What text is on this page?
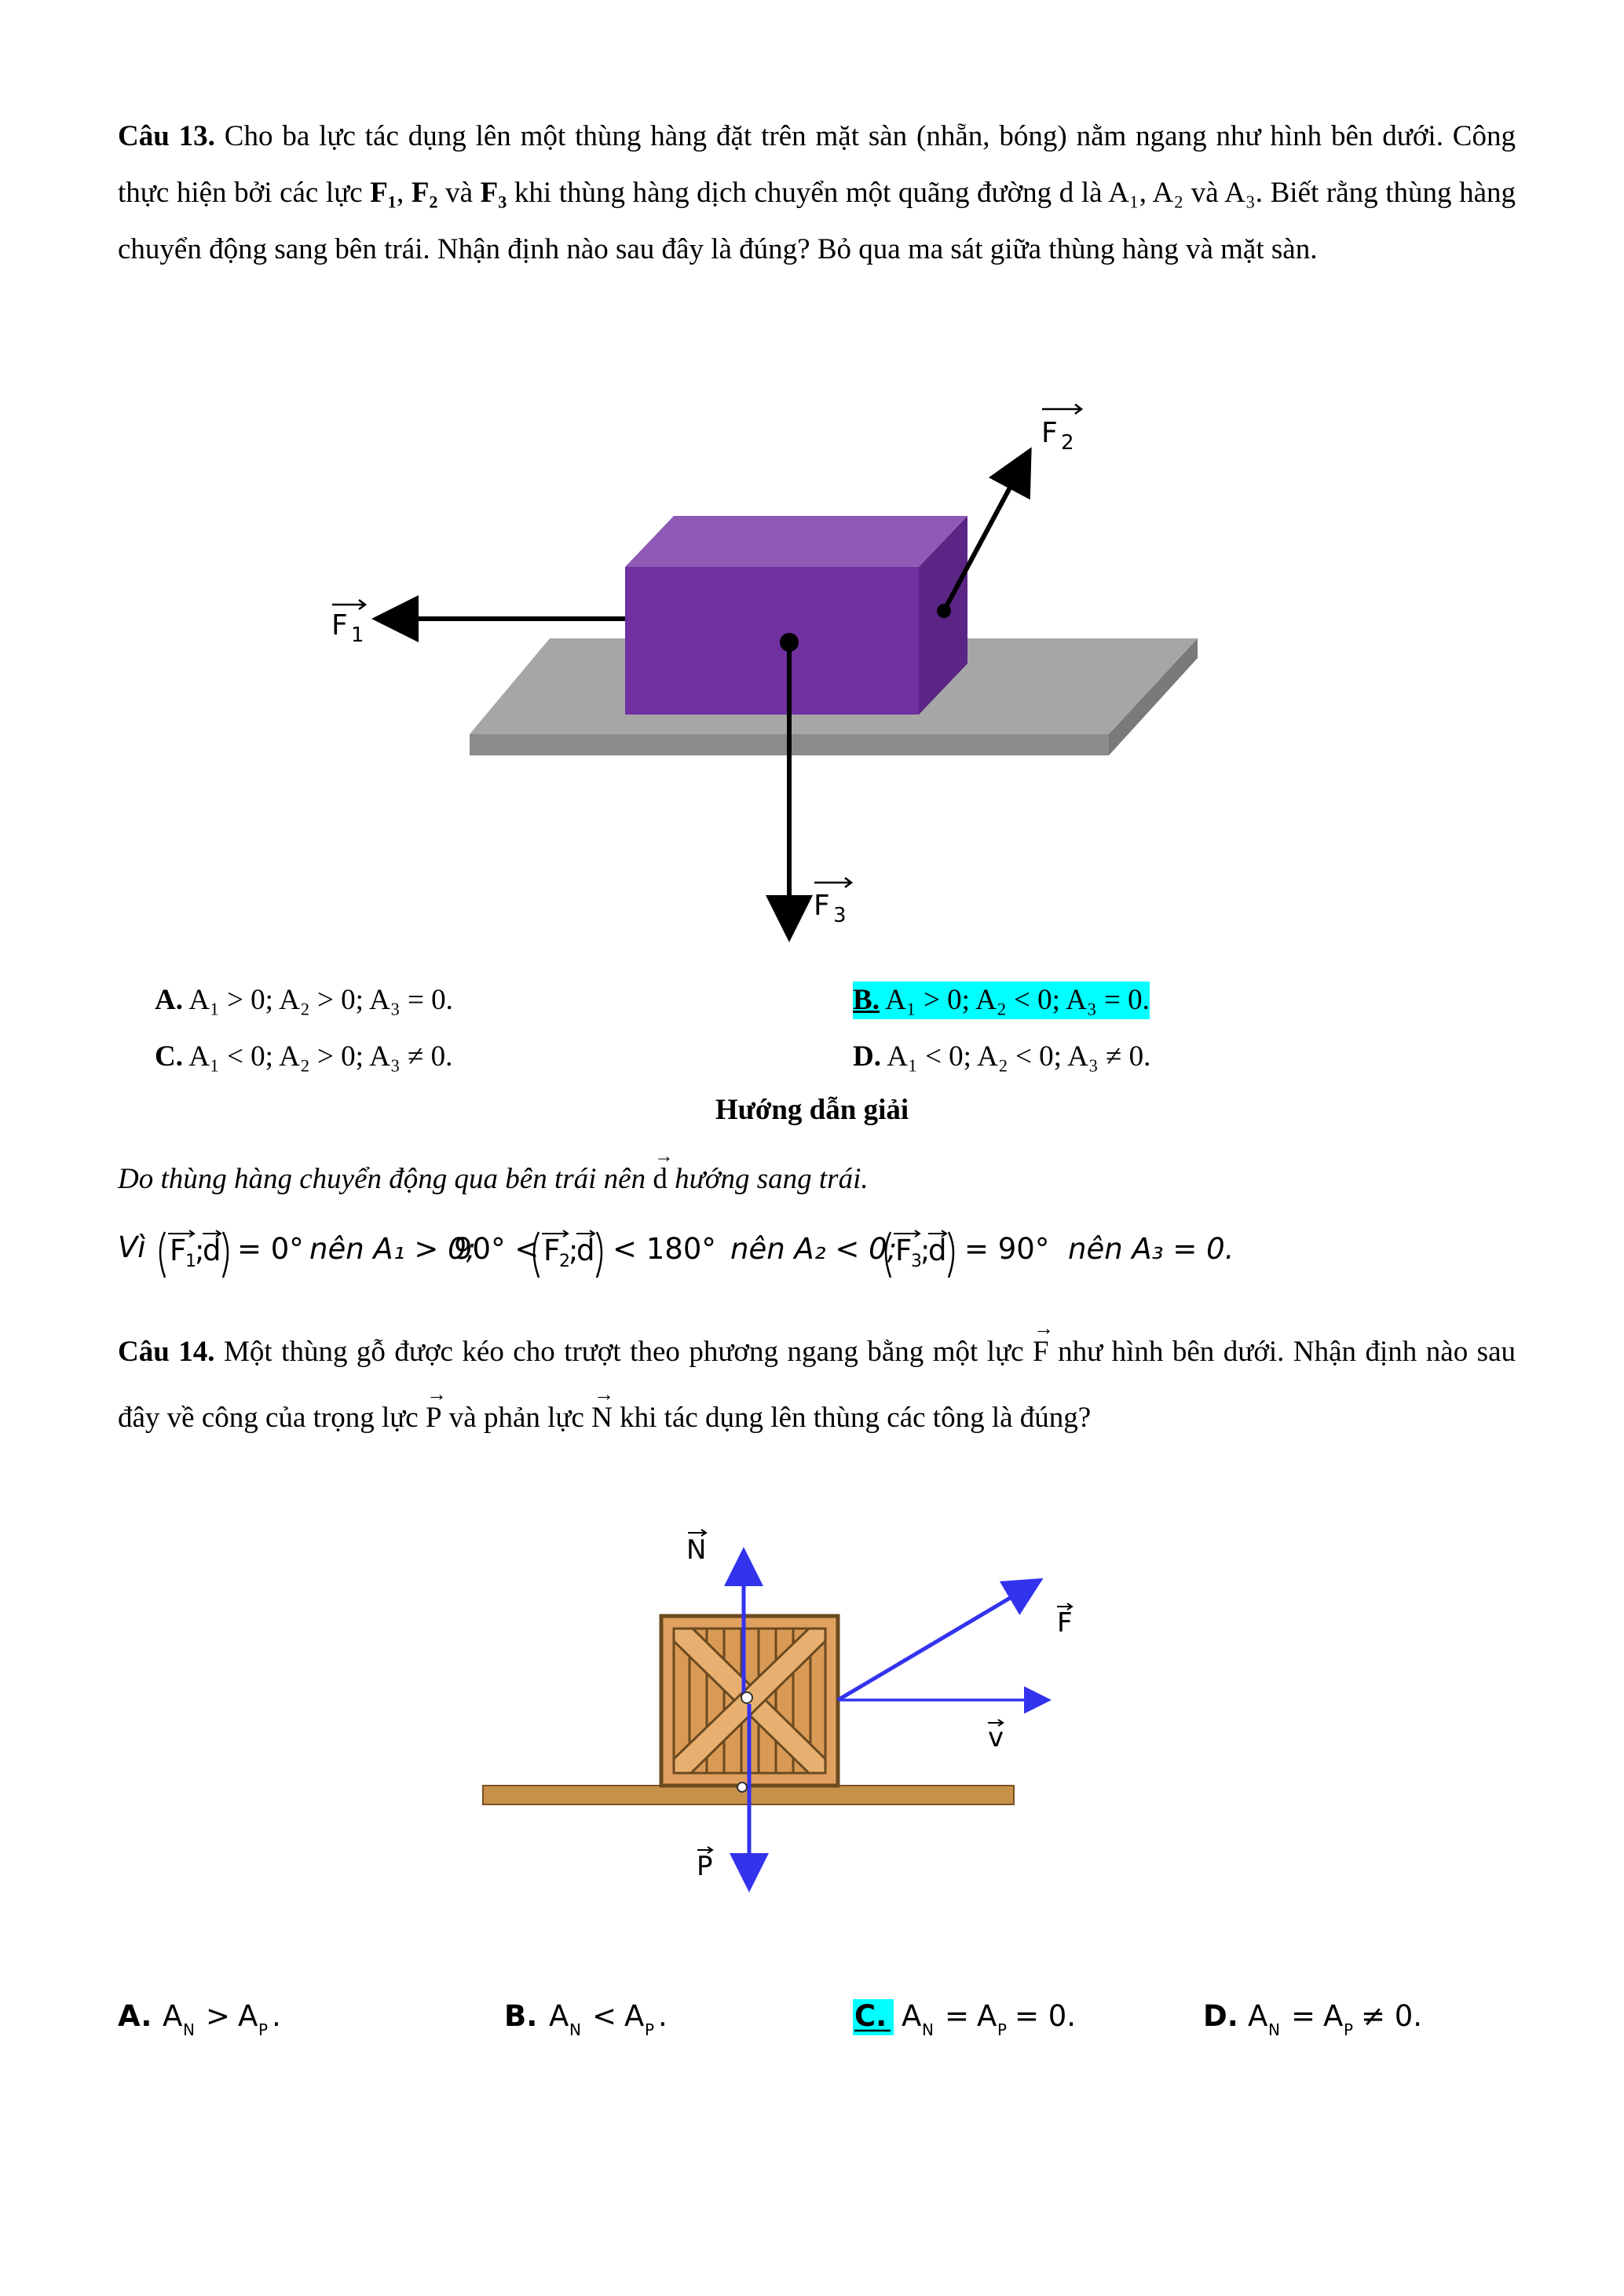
Câu 13. Cho ba lực tác dụng lên một thùng hàng đặt trên mặt sàn (nhẵn, bóng) nằm ngang như hình bên dưới. Công thực hiện bởi các lực F₁, F₂ và F₃ khi thùng hàng dịch chuyển một quãng đường d là A₁, A₂ và A₃. Biết rằng thùng hàng chuyển động sang bên trái. Nhận định nào sau đây là đúng? Bỏ qua ma sát giữa thùng hàng và mặt sàn.
F 1
F 2
F 3
A. A₁ > 0; A₂ > 0; A₃ = 0.	B. A₁ > 0; A₂ < 0; A₃ = 0.
C. A₁ < 0; A₂ > 0; A₃ ≠ 0.	D. A₁ < 0; A₂ < 0; A₃ ≠ 0.
Hướng dẫn giải
Do thùng hàng chuyển động qua bên trái nên
→
d hướng sang trái.
Vì F
1
;
d = 0° nên A₁ > 0;
90° < F
2
;
d < 180° nên A₂ < 0;
F
3
;
d = 90° nên A₃ = 0.
Câu 14. Một thùng gỗ được kéo cho trượt theo phương ngang bằng một lực
→
F như hình bên dưới. Nhận định nào sau đây về công của trọng lực
→
P và phản lực
→
N khi tác dụng lên thùng các tông là đúng?
N
F
v
P
A. A N > A P .	B. A N < A P .	C. A N = A P = 0.	D. A N = A P ≠ 0.
